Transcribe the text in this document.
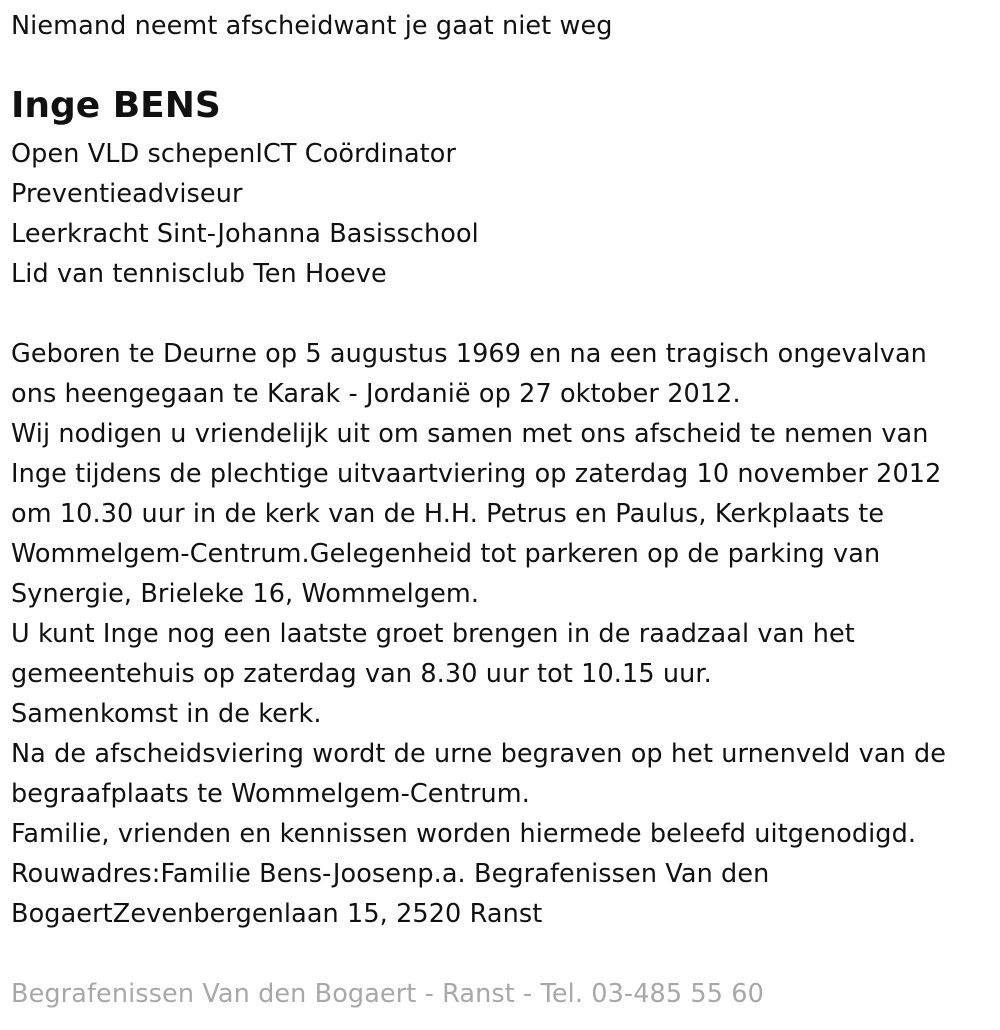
Niemand neemt afscheidwant je gaat niet weg
Inge BENS
Open VLD schepenICT Coördinator
Preventieadviseur
Leerkracht Sint-Johanna Basisschool
Lid van tennisclub Ten Hoeve
Geboren te Deurne op 5 augustus 1969 en na een tragisch ongevalvan
ons heengegaan te Karak - Jordanië op 27 oktober 2012.
Wij nodigen u vriendelijk uit om samen met ons afscheid te nemen van
Inge tijdens de plechtige uitvaartviering op zaterdag 10 november 2012
om 10.30 uur in de kerk van de H.H. Petrus en Paulus, Kerkplaats te
Wommelgem-Centrum.Gelegenheid tot parkeren op de parking van
Synergie, Brieleke 16, Wommelgem.
U kunt Inge nog een laatste groet brengen in de raadzaal van het
gemeentehuis op zaterdag van 8.30 uur tot 10.15 uur.
Samenkomst in de kerk.
Na de afscheidsviering wordt de urne begraven op het urnenveld van de
begraafplaats te Wommelgem-Centrum.
Familie, vrienden en kennissen worden hiermede beleefd uitgenodigd.
Rouwadres:Familie Bens-Joosenp.a. Begrafenissen Van den
BogaertZevenbergenlaan 15, 2520 Ranst
Begrafenissen Van den Bogaert - Ranst - Tel. 03-485 55 60
